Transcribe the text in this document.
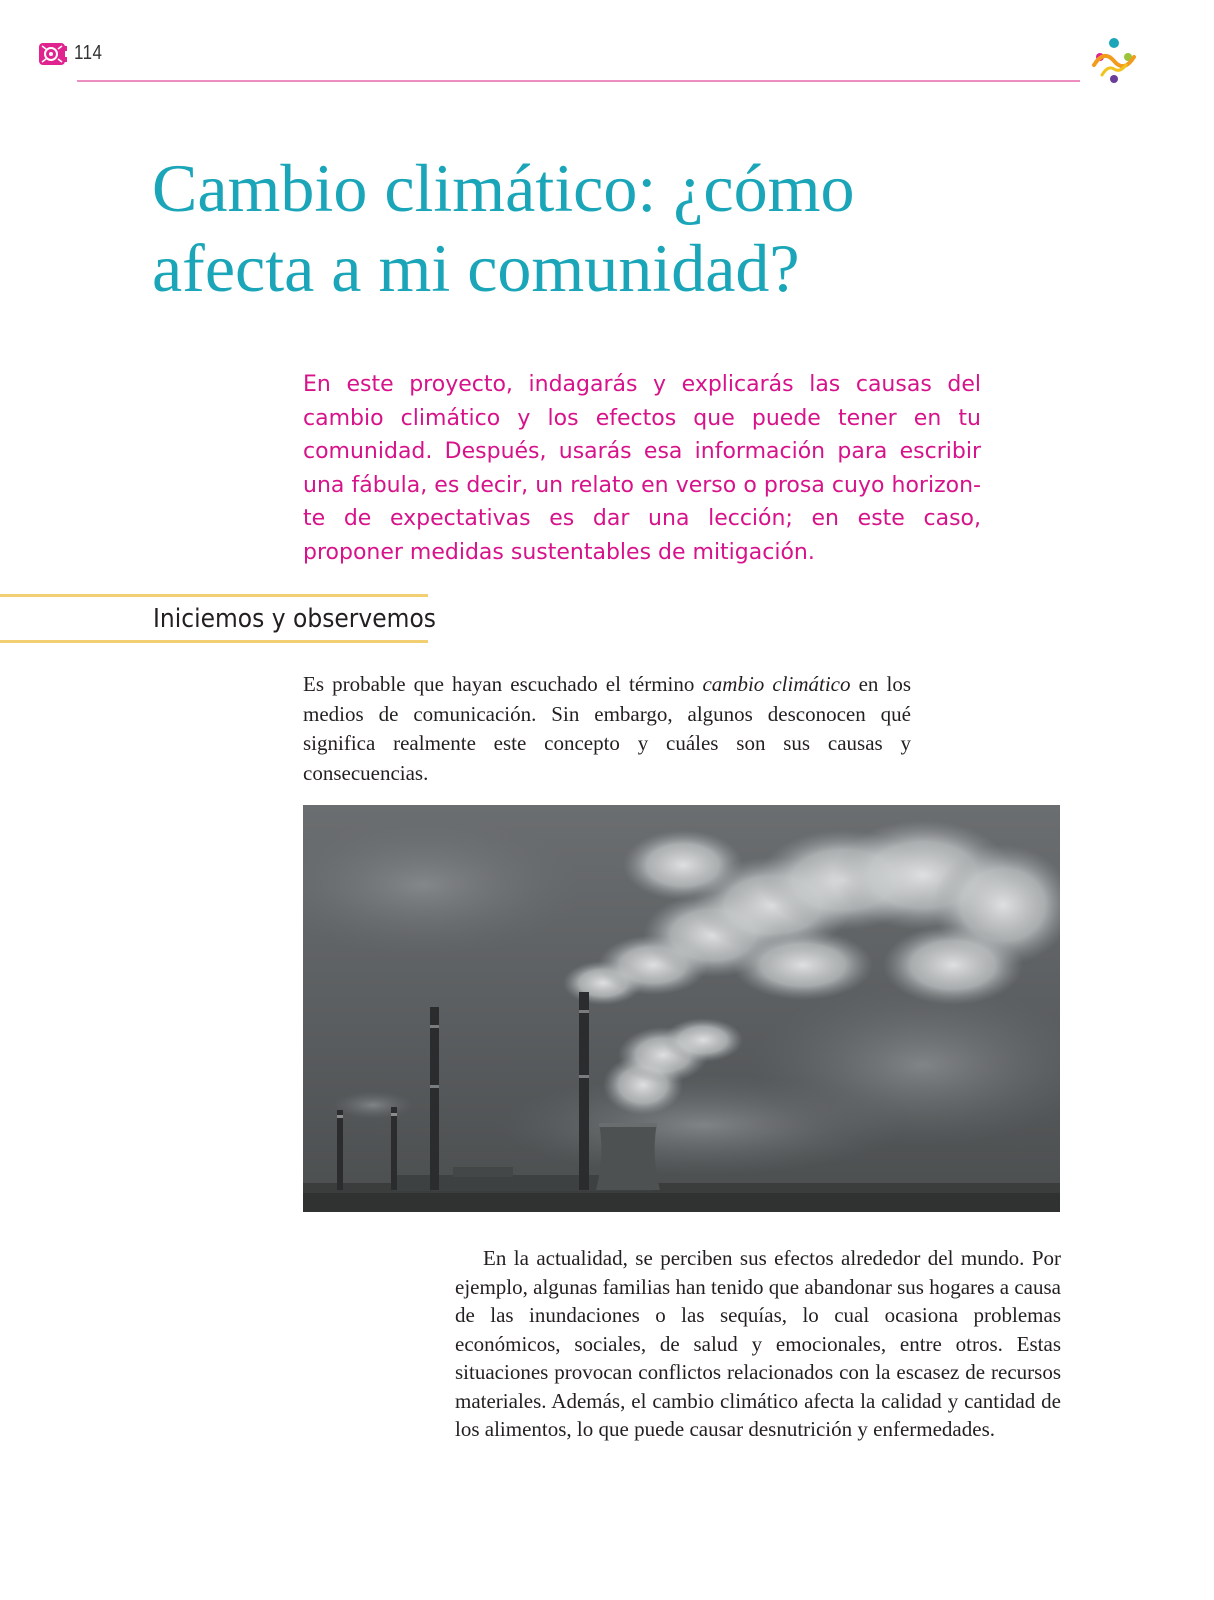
114
Cambio climático: ¿cómo
afecta a mi comunidad?

En este proyecto, indagarás y explicarás las causas del cambio climático y los efectos que puede tener en tu comunidad. Después, usarás esa información para escribir una fábula, es decir, un relato en verso o prosa cuyo horizonte de expectativas es dar una lección; en este caso, proponer medidas sustentables de mitigación.

Iniciemos y observemos

Es probable que hayan escuchado el término cambio climático en los medios de comunicación. Sin embargo, algunos desconocen qué significa realmente este concepto y cuáles son sus causas y consecuencias.

En la actualidad, se perciben sus efectos alrededor del mundo. Por ejemplo, algunas familias han tenido que abandonar sus hogares a causa de las inundaciones o las sequías, lo cual ocasiona problemas económicos, sociales, de salud y emocionales, entre otros. Estas situaciones provocan conflictos relacionados con la escasez de recursos materiales. Además, el cambio climático afecta la calidad y cantidad de los alimentos, lo que puede causar desnutrición y enfermedades.
